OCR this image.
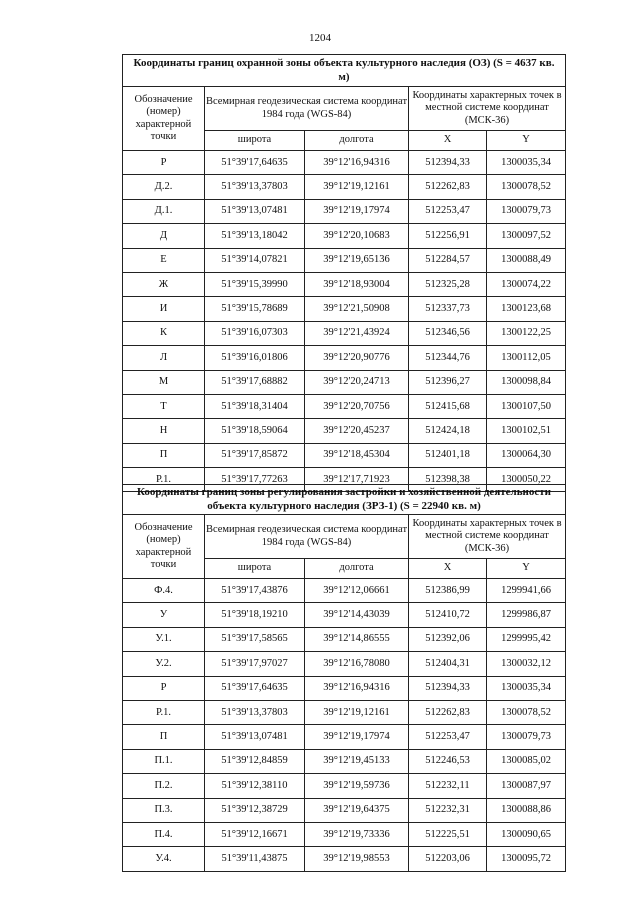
1204
Координаты границ охранной зоны объекта культурного наследия (ОЗ) (S = 4637 кв. м)				
Обозначение (номер) характерной точки	Всемирная геодезическая система координат 1984 года (WGS-84)		Координаты характерных точек в местной системе координат (МСК-36)	
	широта	долгота	X	Y
Р	51°39'17,64635	39°12'16,94316	512394,33	1300035,34
Д.2.	51°39'13,37803	39°12'19,12161	512262,83	1300078,52
Д.1.	51°39'13,07481	39°12'19,17974	512253,47	1300079,73
Д	51°39'13,18042	39°12'20,10683	512256,91	1300097,52
Е	51°39'14,07821	39°12'19,65136	512284,57	1300088,49
Ж	51°39'15,39990	39°12'18,93004	512325,28	1300074,22
И	51°39'15,78689	39°12'21,50908	512337,73	1300123,68
К	51°39'16,07303	39°12'21,43924	512346,56	1300122,25
Л	51°39'16,01806	39°12'20,90776	512344,76	1300112,05
М	51°39'17,68882	39°12'20,24713	512396,27	1300098,84
Т	51°39'18,31404	39°12'20,70756	512415,68	1300107,50
Н	51°39'18,59064	39°12'20,45237	512424,18	1300102,51
П	51°39'17,85872	39°12'18,45304	512401,18	1300064,30
Р.1.	51°39'17,77263	39°12'17,71923	512398,38	1300050,22
Координаты границ зоны регулирования застройки и хозяйственной деятельности объекта культурного наследия (ЗРЗ-1) (S = 22940 кв. м)				
Обозначение (номер) характерной точки	Всемирная геодезическая система координат 1984 года (WGS-84)		Координаты характерных точек в местной системе координат (МСК-36)	
	широта	долгота	X	Y
Ф.4.	51°39'17,43876	39°12'12,06661	512386,99	1299941,66
У	51°39'18,19210	39°12'14,43039	512410,72	1299986,87
У.1.	51°39'17,58565	39°12'14,86555	512392,06	1299995,42
У.2.	51°39'17,97027	39°12'16,78080	512404,31	1300032,12
Р	51°39'17,64635	39°12'16,94316	512394,33	1300035,34
Р.1.	51°39'13,37803	39°12'19,12161	512262,83	1300078,52
П	51°39'13,07481	39°12'19,17974	512253,47	1300079,73
П.1.	51°39'12,84859	39°12'19,45133	512246,53	1300085,02
П.2.	51°39'12,38110	39°12'19,59736	512232,11	1300087,97
П.3.	51°39'12,38729	39°12'19,64375	512232,31	1300088,86
П.4.	51°39'12,16671	39°12'19,73336	512225,51	1300090,65
У.4.	51°39'11,43875	39°12'19,98553	512203,06	1300095,72
